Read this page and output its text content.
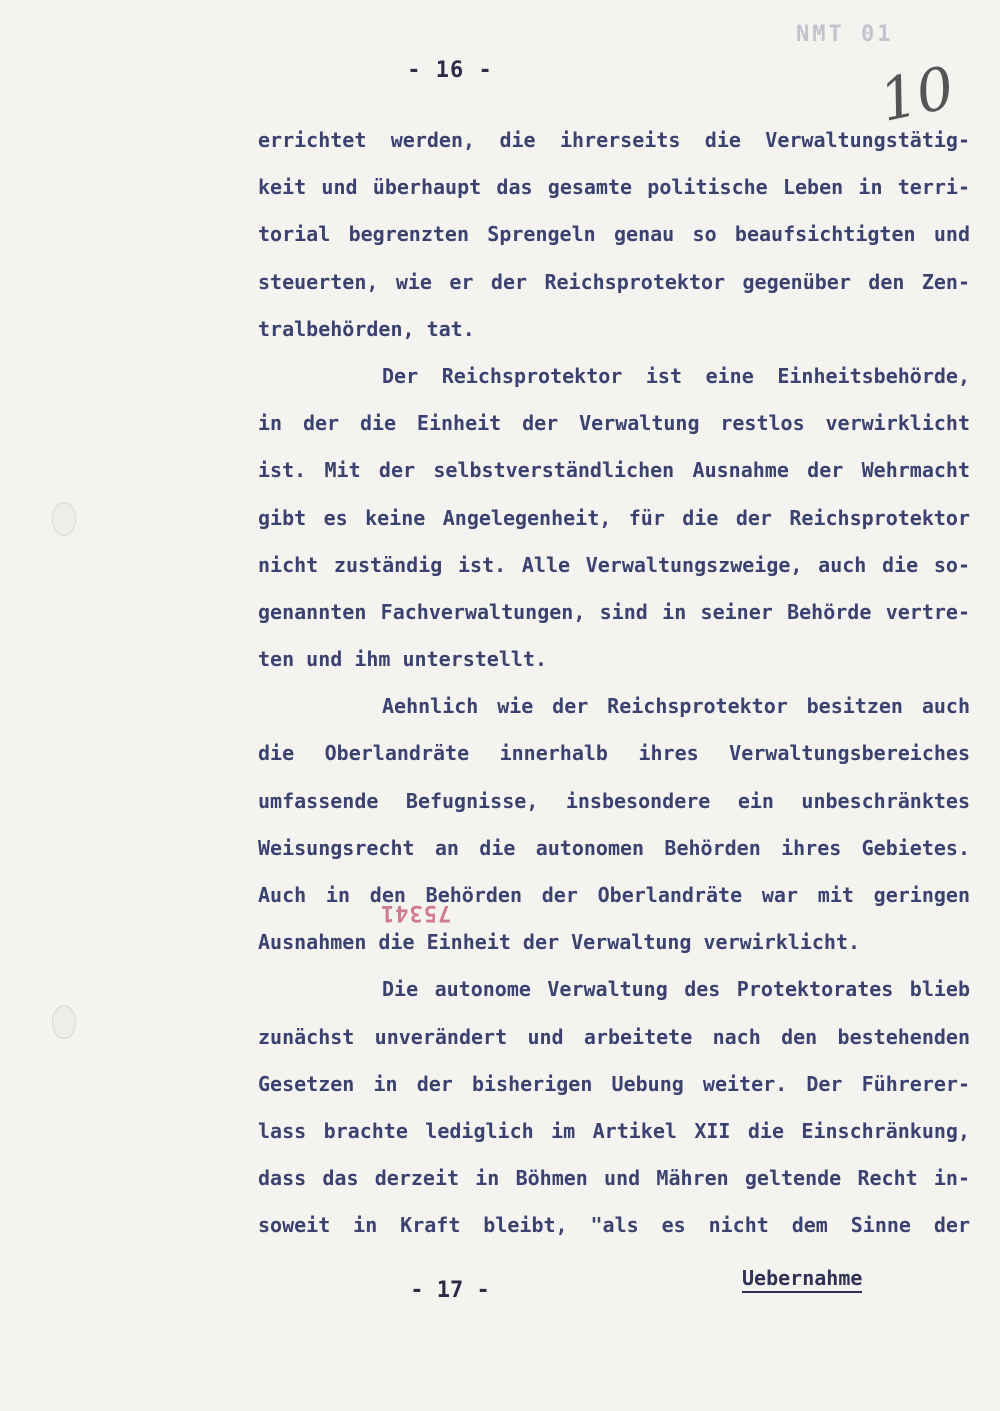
NMT 01
- 16 -	10
75341
errichtet werden, die ihrerseits die Verwaltungstätig-
keit und überhaupt das gesamte politische Leben in terri-
torial begrenzten Sprengeln genau so beaufsichtigten und
steuerten, wie er der Reichsprotektor gegenüber den Zen-
tralbehörden, tat.
Der Reichsprotektor ist eine Einheitsbehörde,
in der die Einheit der Verwaltung restlos verwirklicht
ist. Mit der selbstverständlichen Ausnahme der Wehrmacht
gibt es keine Angelegenheit, für die der Reichsprotektor
nicht zuständig ist. Alle Verwaltungszweige, auch die so-
genannten Fachverwaltungen, sind in seiner Behörde vertre-
ten und ihm unterstellt.
Aehnlich wie der Reichsprotektor besitzen auch
die Oberlandräte innerhalb ihres Verwaltungsbereiches
umfassende Befugnisse, insbesondere ein unbeschränktes
Weisungsrecht an die autonomen Behörden ihres Gebietes.
Auch in den Behörden der Oberlandräte war mit geringen
Ausnahmen die Einheit der Verwaltung verwirklicht.
Die autonome Verwaltung des Protektorates blieb
zunächst unverändert und arbeitete nach den bestehenden
Gesetzen in der bisherigen Uebung weiter. Der Führerer-
lass brachte lediglich im Artikel XII die Einschränkung,
dass das derzeit in Böhmen und Mähren geltende Recht in-
soweit in Kraft bleibt, "als es nicht dem Sinne der
- 17 -	Uebernahme
